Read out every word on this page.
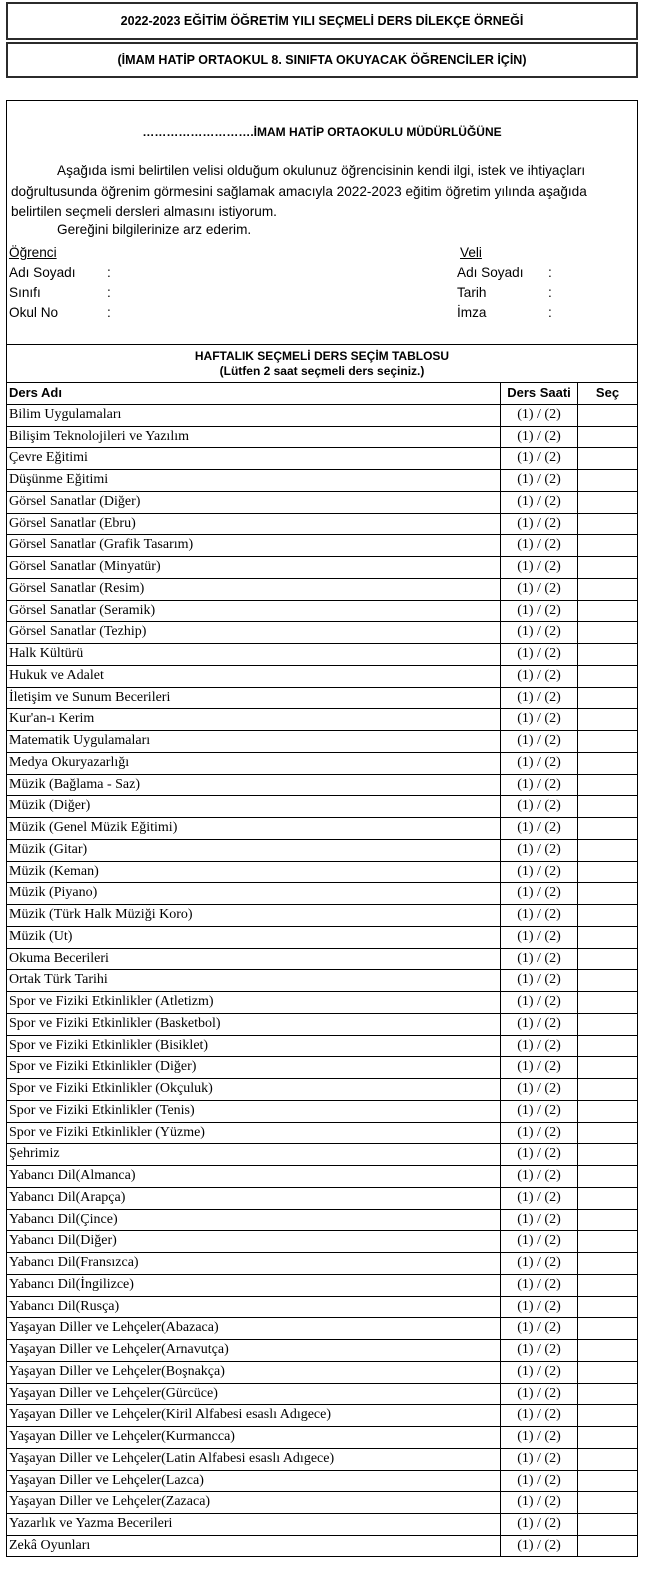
2022-2023 EĞİTİM ÖĞRETİM YILI SEÇMELİ DERS DİLEKÇE ÖRNEĞİ
(İMAM HATİP ORTAOKUL 8. SINIFTA OKUYACAK ÖĞRENCİLER İÇİN)
……………………….İMAM HATİP ORTAOKULU MÜDÜRLÜĞÜNE
Aşağıda ismi belirtilen velisi olduğum okulunuz öğrencisinin kendi ilgi, istek ve ihtiyaçları doğrultusunda öğrenim görmesini sağlamak amacıyla 2022-2023 eğitim öğretim yılında aşağıda belirtilen seçmeli dersleri almasını istiyorum.
Gereğini bilgilerinize arz ederim.
Öğrenci
Adı Soyadı :
Sınıfı	:
Okul No	:
Veli
Adı Soyadı :
Tarih	:
İmza	:
HAFTALIK SEÇMELİ DERS SEÇİM TABLOSU
(Lütfen 2 saat seçmeli ders seçiniz.)
Ders Adı	Ders Saati	Seç
Bilim Uygulamaları	(1) / (2)
Bilişim Teknolojileri ve Yazılım	(1) / (2)
Çevre Eğitimi	(1) / (2)
Düşünme Eğitimi	(1) / (2)
Görsel Sanatlar (Diğer)	(1) / (2)
Görsel Sanatlar (Ebru)	(1) / (2)
Görsel Sanatlar (Grafik Tasarım)	(1) / (2)
Görsel Sanatlar (Minyatür)	(1) / (2)
Görsel Sanatlar (Resim)	(1) / (2)
Görsel Sanatlar (Seramik)	(1) / (2)
Görsel Sanatlar (Tezhip)	(1) / (2)
Halk Kültürü	(1) / (2)
Hukuk ve Adalet	(1) / (2)
İletişim ve Sunum Becerileri	(1) / (2)
Kur'an-ı Kerim	(1) / (2)
Matematik Uygulamaları	(1) / (2)
Medya Okuryazarlığı	(1) / (2)
Müzik (Bağlama - Saz)	(1) / (2)
Müzik (Diğer)	(1) / (2)
Müzik (Genel Müzik Eğitimi)	(1) / (2)
Müzik (Gitar)	(1) / (2)
Müzik (Keman)	(1) / (2)
Müzik (Piyano)	(1) / (2)
Müzik (Türk Halk Müziği Koro)	(1) / (2)
Müzik (Ut)	(1) / (2)
Okuma Becerileri	(1) / (2)
Ortak Türk Tarihi	(1) / (2)
Spor ve Fiziki Etkinlikler (Atletizm)	(1) / (2)
Spor ve Fiziki Etkinlikler (Basketbol)	(1) / (2)
Spor ve Fiziki Etkinlikler (Bisiklet)	(1) / (2)
Spor ve Fiziki Etkinlikler (Diğer)	(1) / (2)
Spor ve Fiziki Etkinlikler (Okçuluk)	(1) / (2)
Spor ve Fiziki Etkinlikler (Tenis)	(1) / (2)
Spor ve Fiziki Etkinlikler (Yüzme)	(1) / (2)
Şehrimiz	(1) / (2)
Yabancı Dil(Almanca)	(1) / (2)
Yabancı Dil(Arapça)	(1) / (2)
Yabancı Dil(Çince)	(1) / (2)
Yabancı Dil(Diğer)	(1) / (2)
Yabancı Dil(Fransızca)	(1) / (2)
Yabancı Dil(İngilizce)	(1) / (2)
Yabancı Dil(Rusça)	(1) / (2)
Yaşayan Diller ve Lehçeler(Abazaca)	(1) / (2)
Yaşayan Diller ve Lehçeler(Arnavutça)	(1) / (2)
Yaşayan Diller ve Lehçeler(Boşnakça)	(1) / (2)
Yaşayan Diller ve Lehçeler(Gürcüce)	(1) / (2)
Yaşayan Diller ve Lehçeler(Kiril Alfabesi esaslı Adıgece)	(1) / (2)
Yaşayan Diller ve Lehçeler(Kurmancca)	(1) / (2)
Yaşayan Diller ve Lehçeler(Latin Alfabesi esaslı Adıgece)	(1) / (2)
Yaşayan Diller ve Lehçeler(Lazca)	(1) / (2)
Yaşayan Diller ve Lehçeler(Zazaca)	(1) / (2)
Yazarlık ve Yazma Becerileri	(1) / (2)
Zekâ Oyunları	(1) / (2)
